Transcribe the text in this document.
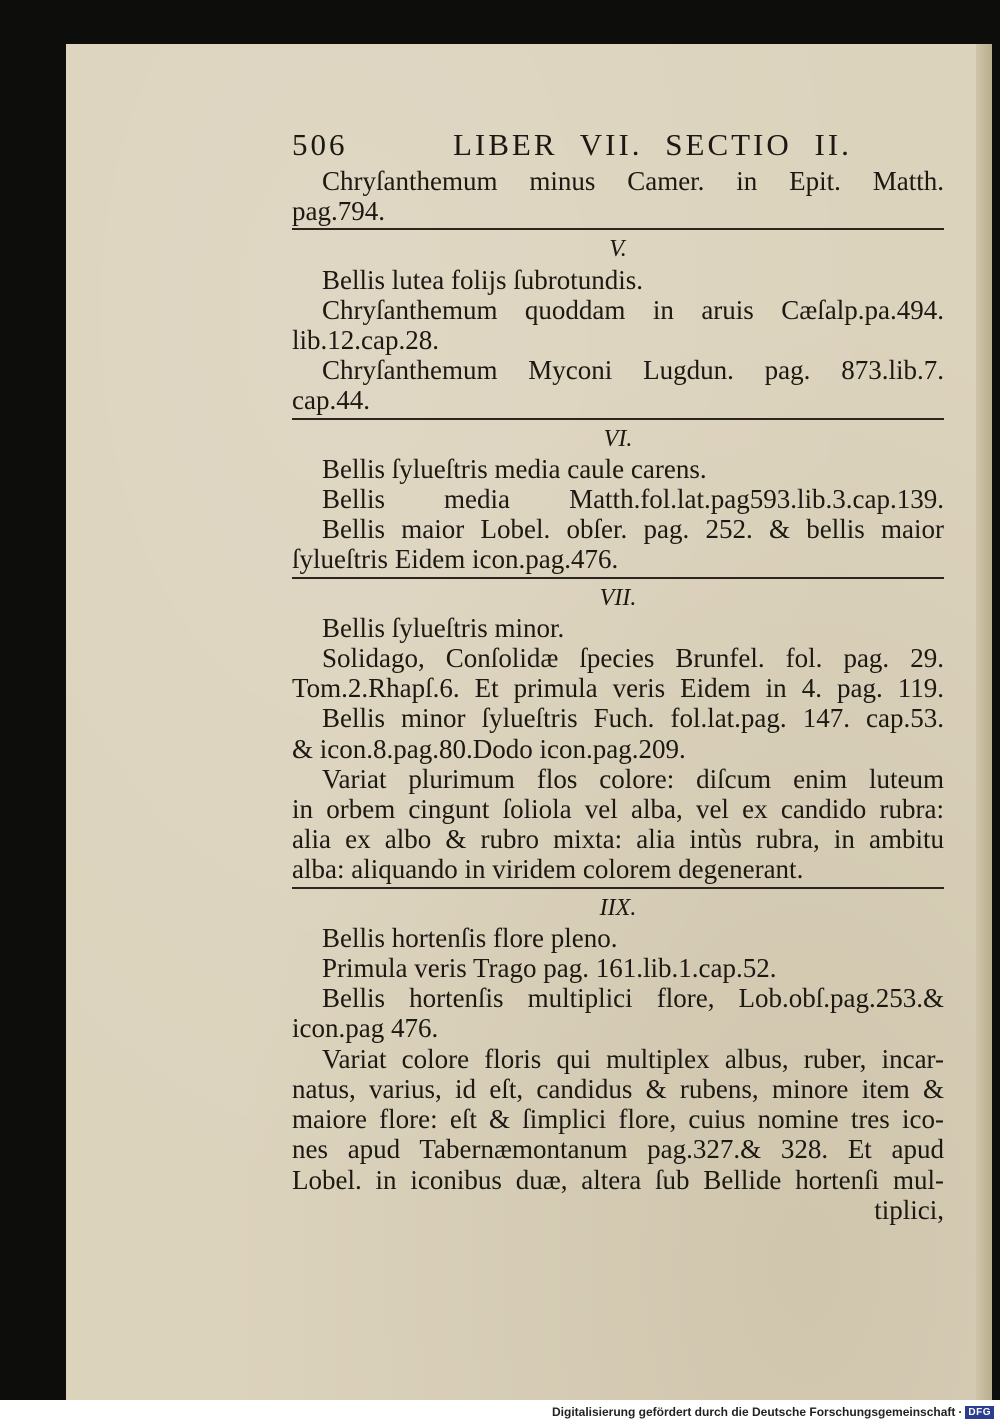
506	LIBER VII. SECTIO II.
Chryſanthemum minus Camer. in Epit. Matth.
pag.794.
V.
Bellis lutea folijs ſubrotundis.
Chryſanthemum quoddam in aruis Cæſalp.pa.494.
lib.12.cap.28.
Chryſanthemum Myconi Lugdun. pag. 873.lib.7.
cap.44.
VI.
Bellis ſylueſtris media caule carens.
Bellis media Matth.fol.lat.pag593.lib.3.cap.139.
Bellis maior Lobel. obſer. pag. 252. & bellis maior
ſylueſtris Eidem icon.pag.476.
VII.
Bellis ſylueſtris minor.
Solidago, Conſolidæ ſpecies Brunfel. fol. pag. 29.
Tom.2.Rhapſ.6. Et primula veris Eidem in 4. pag. 119.
Bellis minor ſylueſtris Fuch. fol.lat.pag. 147. cap.53.
& icon.8.pag.80.Dodo icon.pag.209.
Variat plurimum flos colore: diſcum enim luteum
in orbem cingunt ſoliola vel alba, vel ex candido rubra:
alia ex albo & rubro mixta: alia intùs rubra, in ambitu
alba: aliquando in viridem colorem degenerant.
IIX.
Bellis hortenſis flore pleno.
Primula veris Trago pag. 161.lib.1.cap.52.
Bellis hortenſis multiplici flore, Lob.obſ.pag.253.&
icon.pag 476.
Variat colore floris qui multiplex albus, ruber, incar-
natus, varius, id eſt, candidus & rubens, minore item &
maiore flore: eſt & ſimplici flore, cuius nomine tres ico-
nes apud Tabernæmontanum pag.327.& 328. Et apud
Lobel. in iconibus duæ, altera ſub Bellide hortenſi mul-
tiplici,
Digitalisierung gefördert durch die Deutsche Forschungsgemeinschaft · DFG
